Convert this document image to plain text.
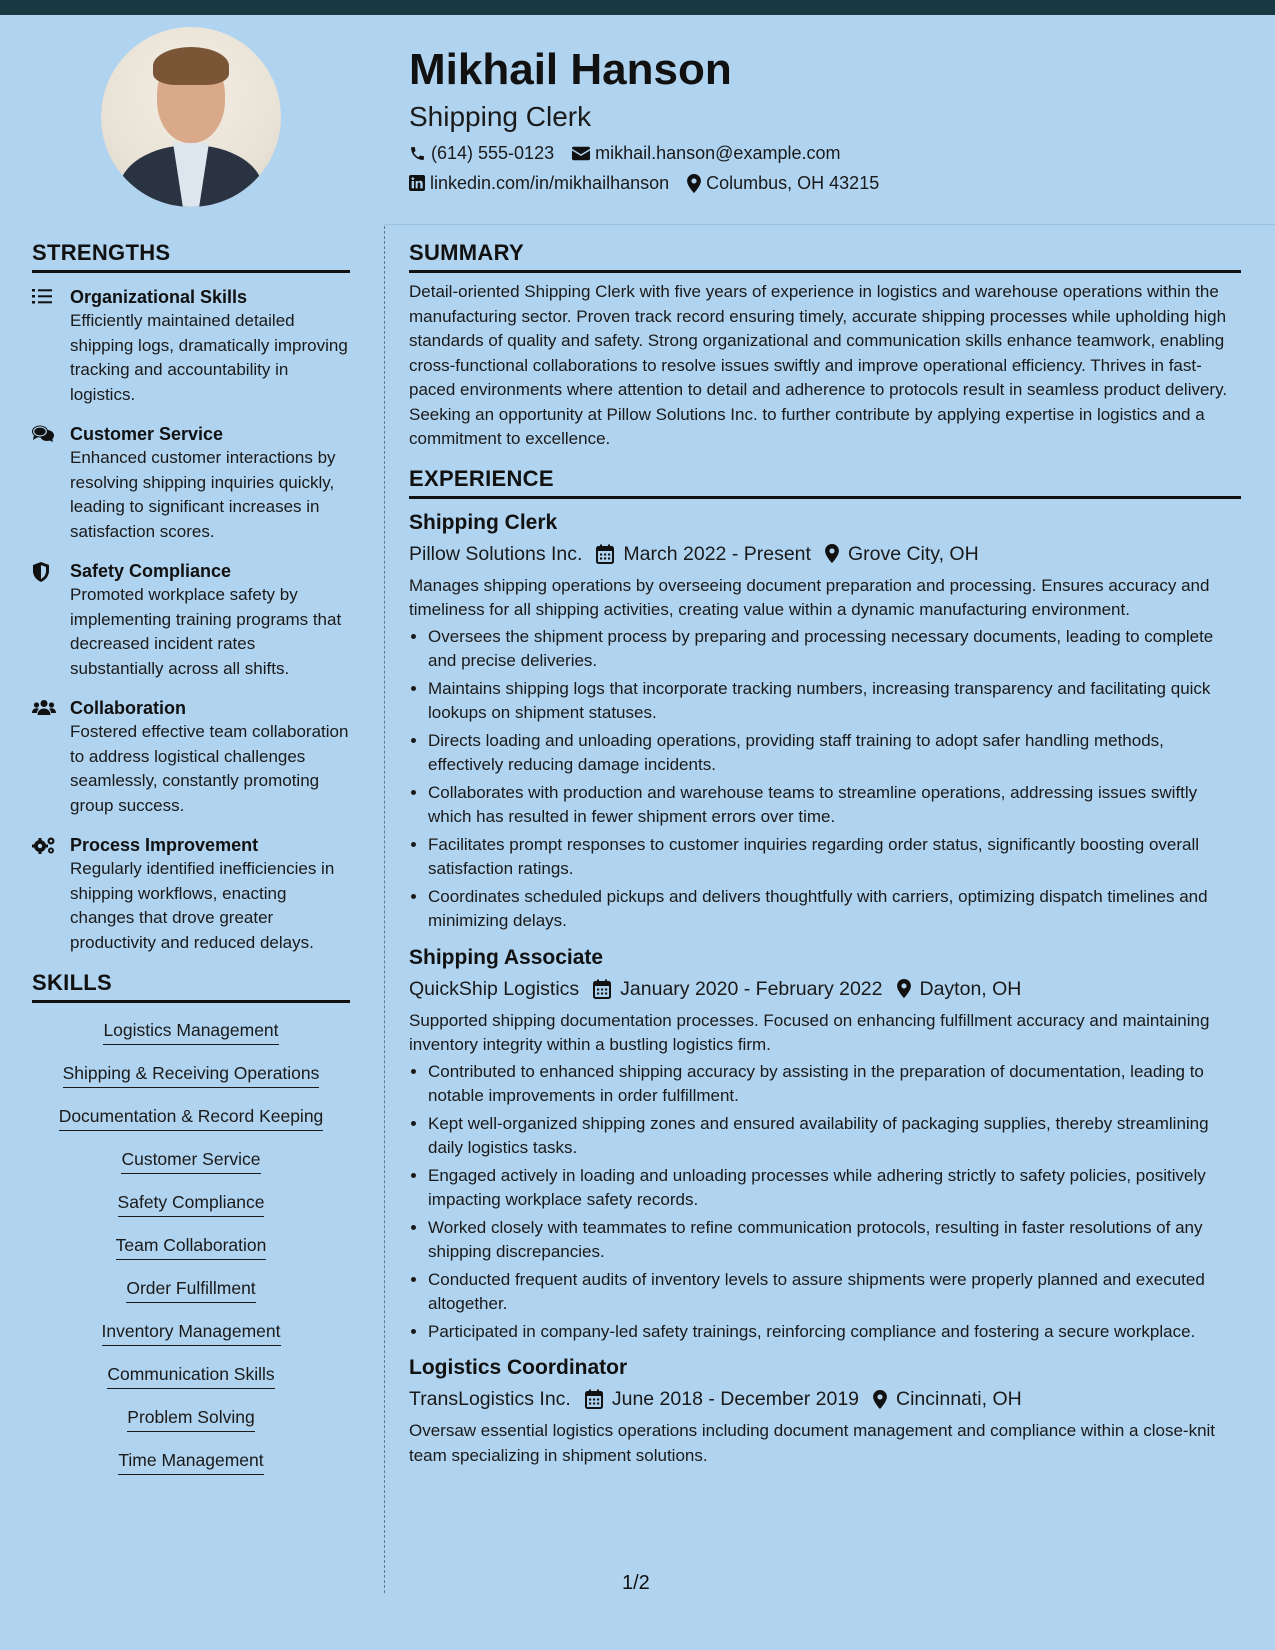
Mikhail Hanson
Shipping Clerk
(614) 555-0123 mikhail.hanson@example.com
linkedin.com/in/mikhailhanson Columbus, OH 43215
STRENGTHS
Organizational Skills
Efficiently maintained detailed shipping logs, dramatically improving tracking and accountability in logistics.
Customer Service
Enhanced customer interactions by resolving shipping inquiries quickly, leading to significant increases in satisfaction scores.
Safety Compliance
Promoted workplace safety by implementing training programs that decreased incident rates substantially across all shifts.
Collaboration
Fostered effective team collaboration to address logistical challenges seamlessly, constantly promoting group success.
Process Improvement
Regularly identified inefficiencies in shipping workflows, enacting changes that drove greater productivity and reduced delays.
SKILLS
Logistics Management
Shipping & Receiving Operations
Documentation & Record Keeping
Customer Service
Safety Compliance
Team Collaboration
Order Fulfillment
Inventory Management
Communication Skills
Problem Solving
Time Management
SUMMARY

Detail-oriented Shipping Clerk with five years of experience in logistics and warehouse operations within the manufacturing sector. Proven track record ensuring timely, accurate shipping processes while upholding high standards of quality and safety. Strong organizational and communication skills enhance teamwork, enabling cross-functional collaborations to resolve issues swiftly and improve operational efficiency. Thrives in fast-paced environments where attention to detail and adherence to protocols result in seamless product delivery. Seeking an opportunity at Pillow Solutions Inc. to further contribute by applying expertise in logistics and a commitment to excellence.

EXPERIENCE
Shipping Clerk
Pillow Solutions Inc. March 2022 - Present Grove City, OH
Manages shipping operations by overseeing document preparation and processing. Ensures accuracy and timeliness for all shipping activities, creating value within a dynamic manufacturing environment.
• Oversees the shipment process by preparing and processing necessary documents, leading to complete and precise deliveries.
• Maintains shipping logs that incorporate tracking numbers, increasing transparency and facilitating quick lookups on shipment statuses.
• Directs loading and unloading operations, providing staff training to adopt safer handling methods, effectively reducing damage incidents.
• Collaborates with production and warehouse teams to streamline operations, addressing issues swiftly which has resulted in fewer shipment errors over time.
• Facilitates prompt responses to customer inquiries regarding order status, significantly boosting overall satisfaction ratings.
• Coordinates scheduled pickups and delivers thoughtfully with carriers, optimizing dispatch timelines and minimizing delays.
Shipping Associate
QuickShip Logistics January 2020 - February 2022 Dayton, OH
Supported shipping documentation processes. Focused on enhancing fulfillment accuracy and maintaining inventory integrity within a bustling logistics firm.
• Contributed to enhanced shipping accuracy by assisting in the preparation of documentation, leading to notable improvements in order fulfillment.
• Kept well-organized shipping zones and ensured availability of packaging supplies, thereby streamlining daily logistics tasks.
• Engaged actively in loading and unloading processes while adhering strictly to safety policies, positively impacting workplace safety records.
• Worked closely with teammates to refine communication protocols, resulting in faster resolutions of any shipping discrepancies.
• Conducted frequent audits of inventory levels to assure shipments were properly planned and executed altogether.
• Participated in company-led safety trainings, reinforcing compliance and fostering a secure workplace.
Logistics Coordinator
TransLogistics Inc. June 2018 - December 2019 Cincinnati, OH
Oversaw essential logistics operations including document management and compliance within a close-knit team specializing in shipment solutions.
1/2
